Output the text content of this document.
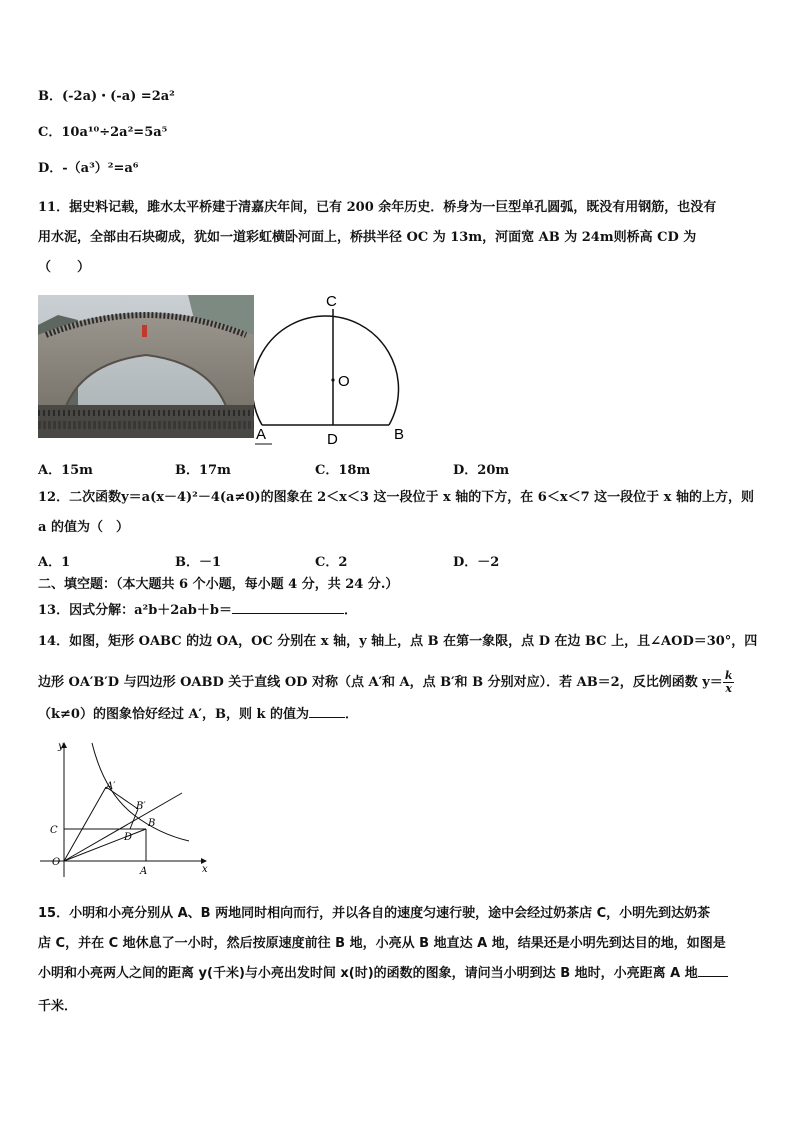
B．(-2a)・(-a) =2a²
C．10a¹⁰÷2a²=5a⁵
D．-（a³）²=a⁶
11．据史料记载，雎水太平桥建于清嘉庆年间，已有 200 余年历史．桥身为一巨型单孔圆弧，既没有用钢筋，也没有
用水泥，全部由石块砌成，犹如一道彩虹横卧河面上，桥拱半径 OC 为 13m，河面宽 AB 为 24m则桥高 CD 为
（　　）
C
O
A	D	B
A．15m	B．17m	C．18m	D．20m
12．二次函数y＝a(x－4)²－4(a≠0)的图象在 2＜x＜3 这一段位于 x 轴的下方，在 6＜x＜7 这一段位于 x 轴的上方，则
a 的值为（　）
A．1	B．－1	C．2	D．－2
二、填空题：（本大题共 6 个小题，每小题 4 分，共 24 分.）
13．因式分解：a²b＋2ab＋b＝	．
14．如图，矩形 OABC 的边 OA，OC 分别在 x 轴，y 轴上，点 B 在第一象限，点 D 在边 BC 上，且∠AOD＝30°，四
边形 OA′B′D 与四边形 OABD 关于直线 OD 对称（点 A′和 A，点 B′和 B 分别对应）．若 AB＝2，反比例函数 $y= \frac{k}{x}$
（k≠0）的图象恰好经过 A′，B，则 k 的值为	．
y
x
O
A
C
B
D
A′
B′
15．小明和小亮分别从 A、B 两地同时相向而行，并以各自的速度匀速行驶，途中会经过奶茶店 C，小明先到达奶茶
店 C，并在 C 地休息了一小时，然后按原速度前往 B 地，小亮从 B 地直达 A 地，结果还是小明先到达目的地，如图是
小明和小亮两人之间的距离 y(千米)与小亮出发时间 x(时)的函数的图象，请问当小明到达 B 地时，小亮距离 A 地
千米．
